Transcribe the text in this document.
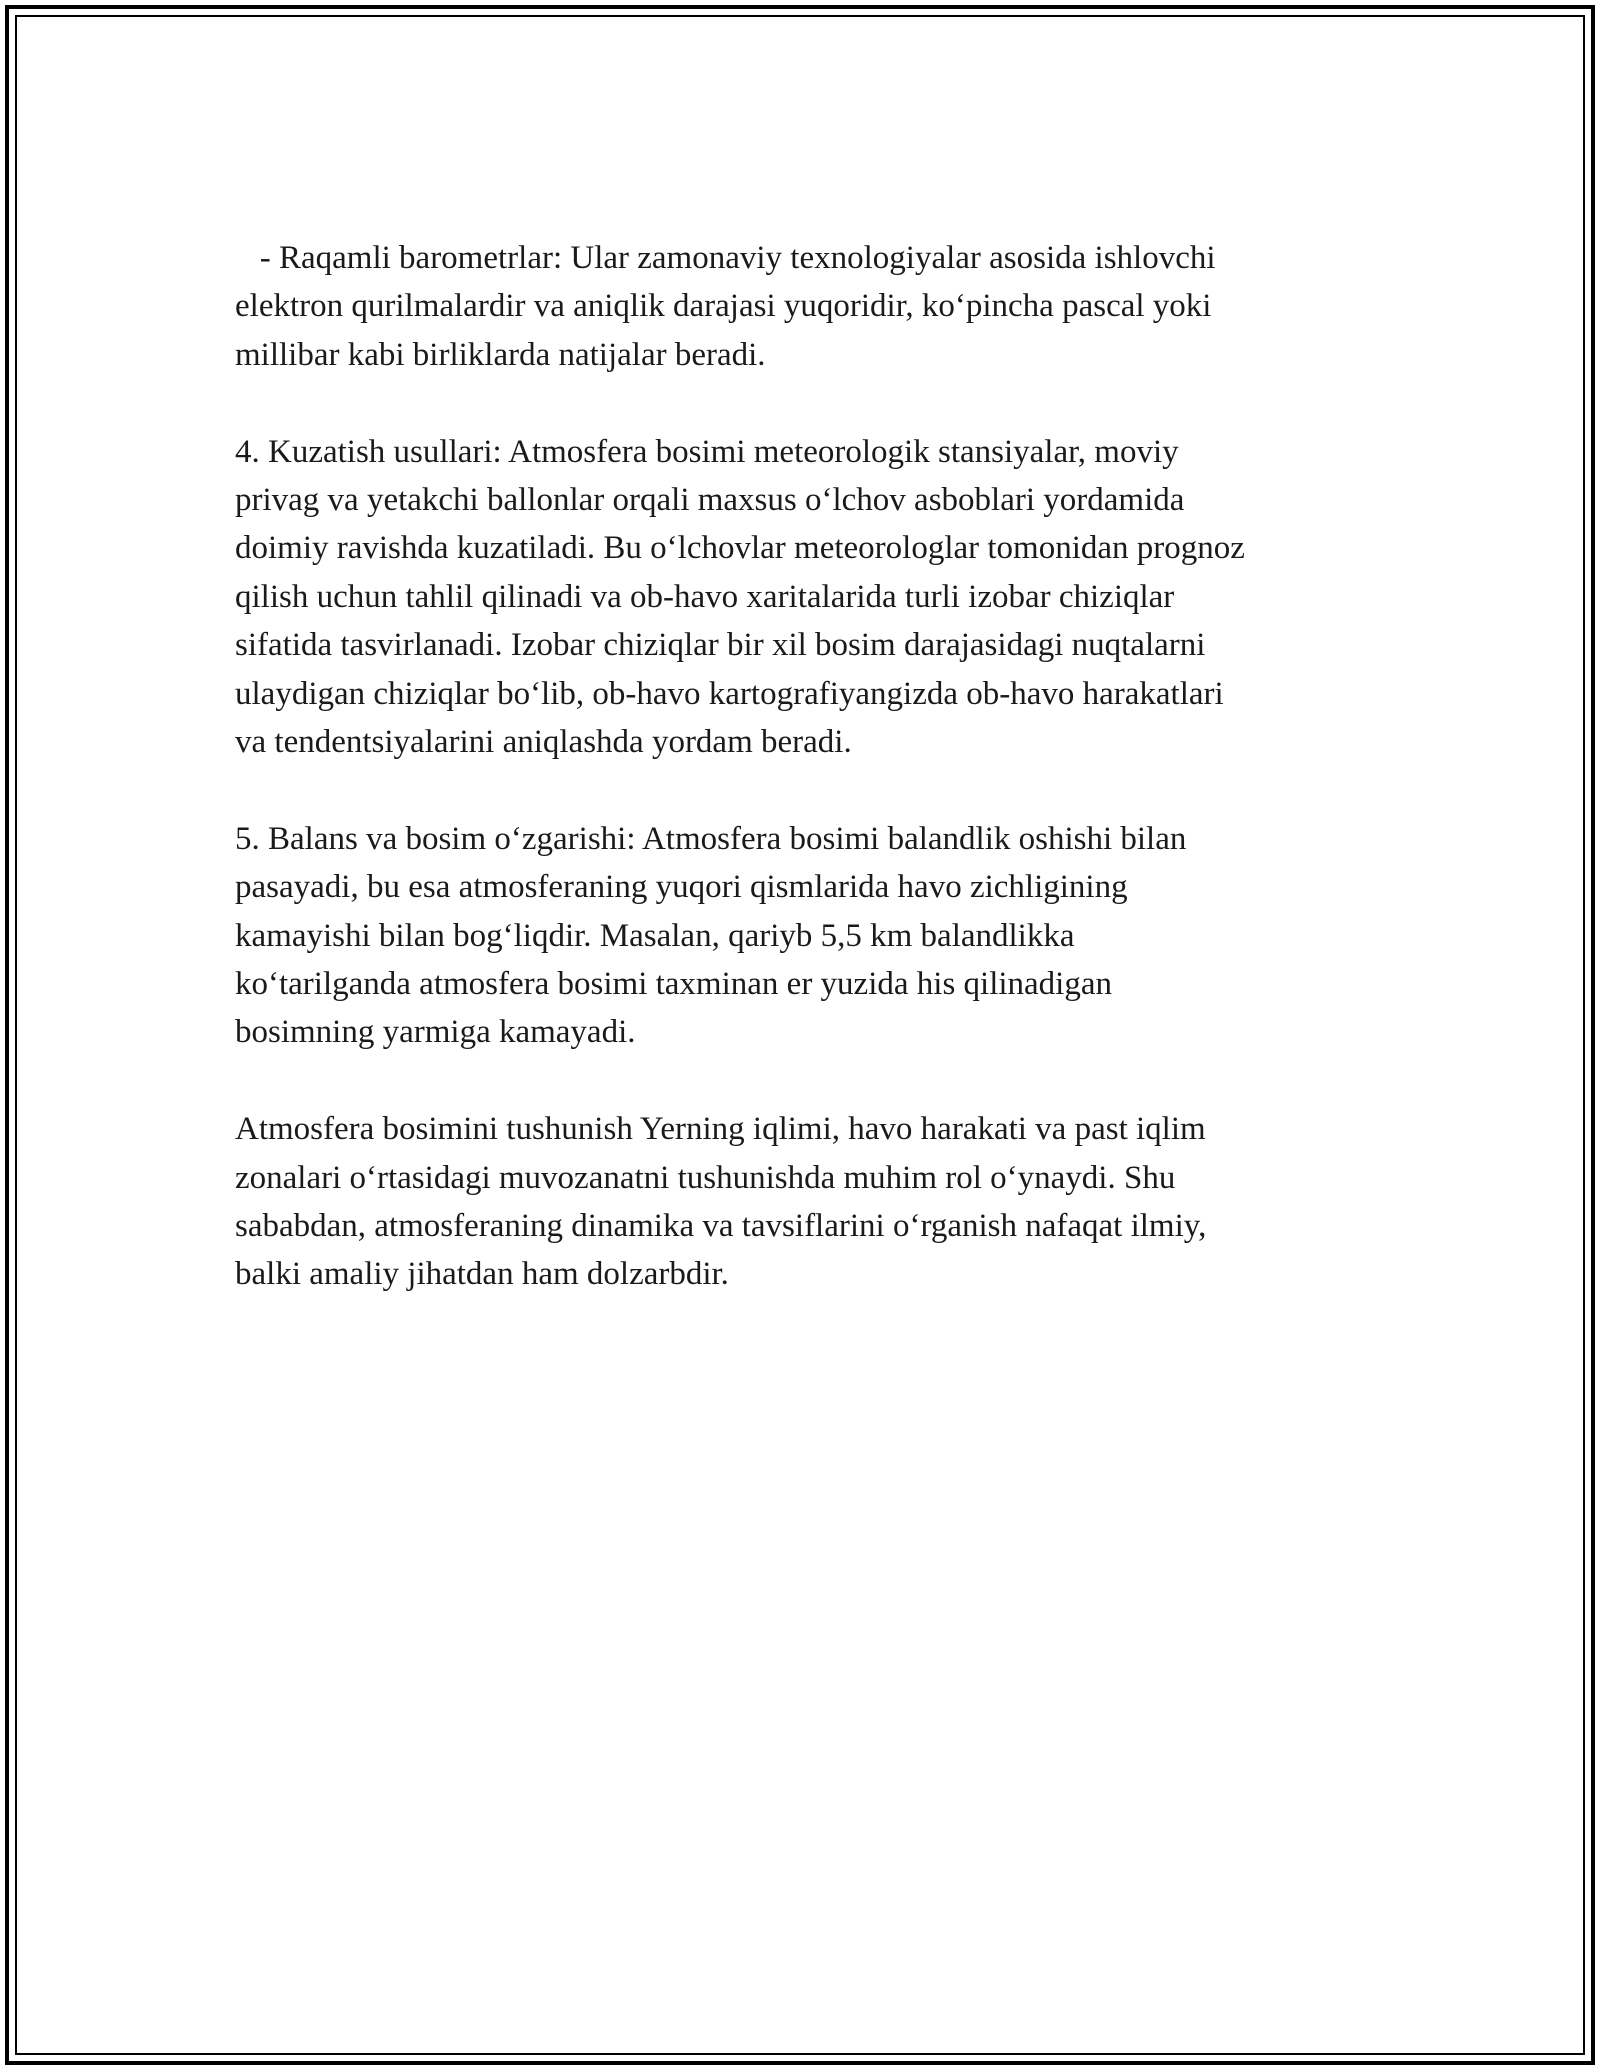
- Raqamli barometrlar: Ular zamonaviy texnologiyalar asosida ishlovchi
elektron qurilmalardir va aniqlik darajasi yuqoridir, ko‘pincha pascal yoki
millibar kabi birliklarda natijalar beradi.

4. Kuzatish usullari: Atmosfera bosimi meteorologik stansiyalar, moviy
privag va yetakchi ballonlar orqali maxsus o‘lchov asboblari yordamida
doimiy ravishda kuzatiladi. Bu o‘lchovlar meteorologlar tomonidan prognoz
qilish uchun tahlil qilinadi va ob-havo xaritalarida turli izobar chiziqlar
sifatida tasvirlanadi. Izobar chiziqlar bir xil bosim darajasidagi nuqtalarni
ulaydigan chiziqlar bo‘lib, ob-havo kartografiyangizda ob-havo harakatlari
va tendentsiyalarini aniqlashda yordam beradi.

5. Balans va bosim o‘zgarishi: Atmosfera bosimi balandlik oshishi bilan
pasayadi, bu esa atmosferaning yuqori qismlarida havo zichligining
kamayishi bilan bog‘liqdir. Masalan, qariyb 5,5 km balandlikka
ko‘tarilganda atmosfera bosimi taxminan er yuzida his qilinadigan
bosimning yarmiga kamayadi.

Atmosfera bosimini tushunish Yerning iqlimi, havo harakati va past iqlim
zonalari o‘rtasidagi muvozanatni tushunishda muhim rol o‘ynaydi. Shu
sababdan, atmosferaning dinamika va tavsiflarini o‘rganish nafaqat ilmiy,
balki amaliy jihatdan ham dolzarbdir.
